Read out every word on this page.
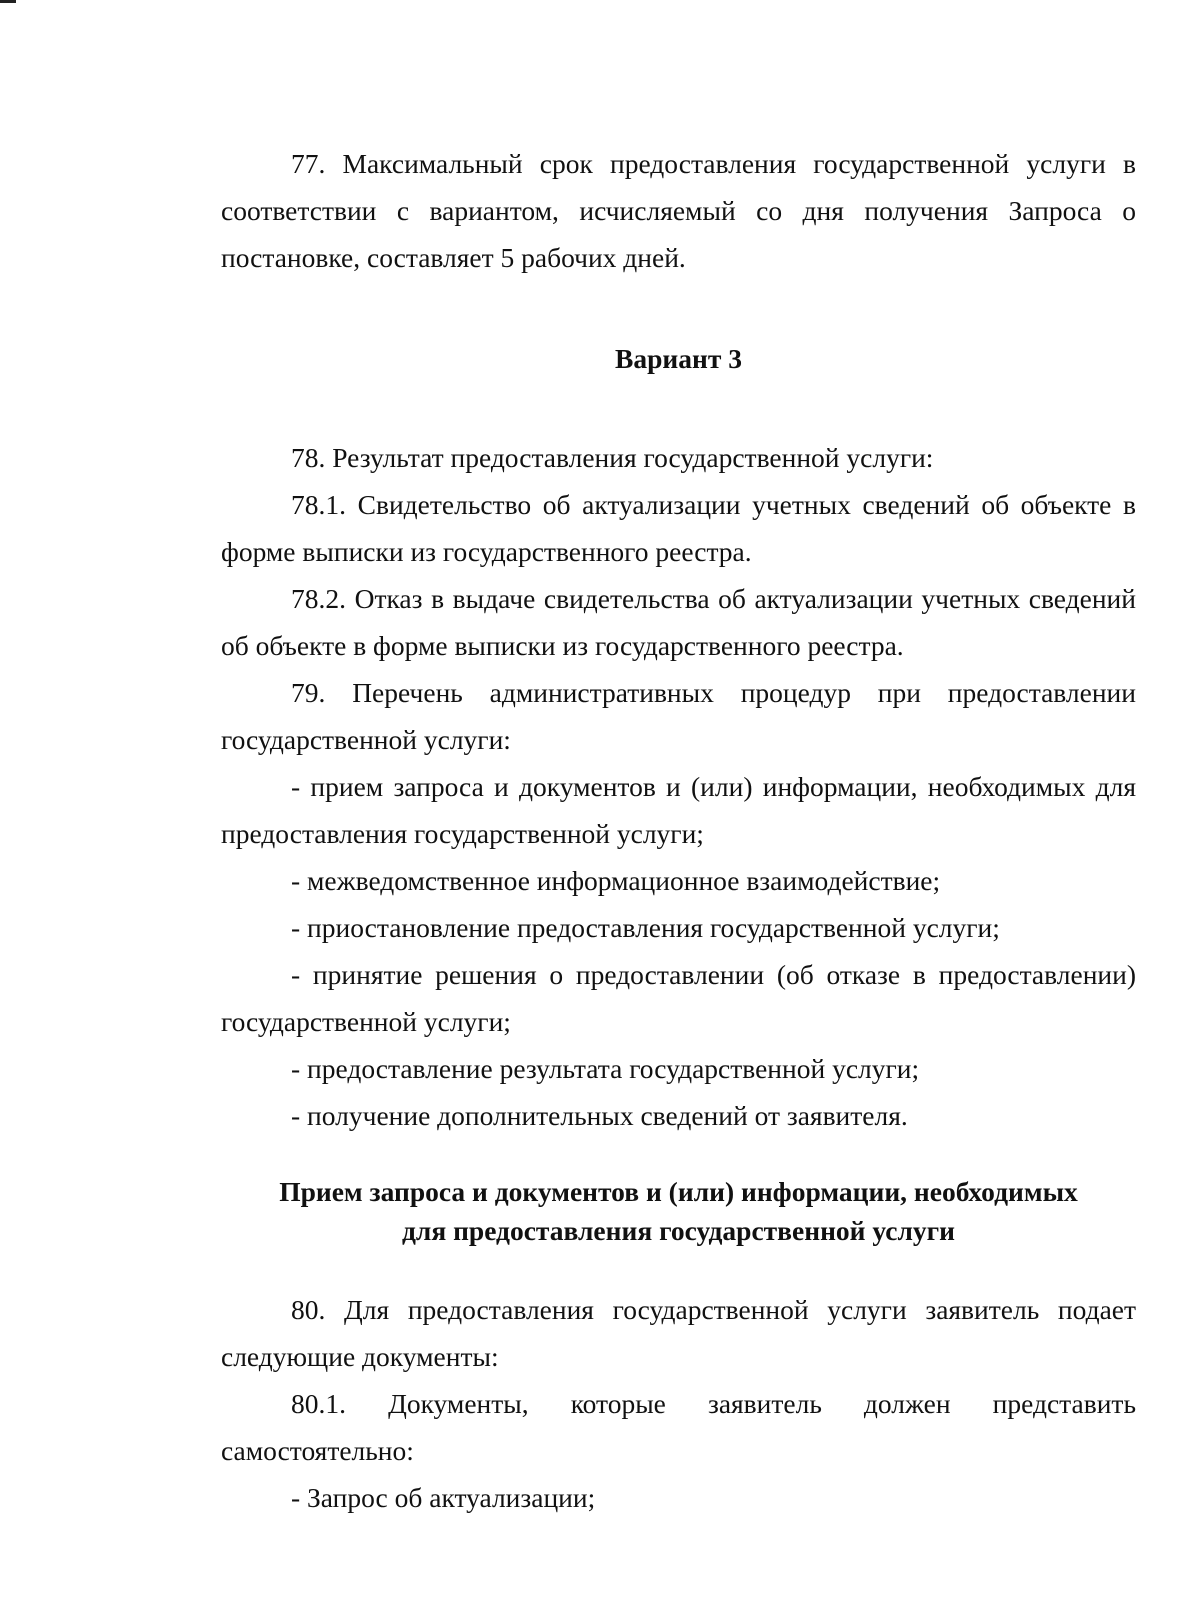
77. Максимальный срок предоставления государственной услуги в соответствии с вариантом, исчисляемый со дня получения Запроса о постановке, составляет 5 рабочих дней.

Вариант 3

78. Результат предоставления государственной услуги:

78.1. Свидетельство об актуализации учетных сведений об объекте в форме выписки из государственного реестра.

78.2. Отказ в выдаче свидетельства об актуализации учетных сведений об объекте в форме выписки из государственного реестра.

79. Перечень административных процедур при предоставлении государственной услуги:

- прием запроса и документов и (или) информации, необходимых для предоставления государственной услуги;

- межведомственное информационное взаимодействие;

- приостановление предоставления государственной услуги;

- принятие решения о предоставлении (об отказе в предоставлении) государственной услуги;

- предоставление результата государственной услуги;

- получение дополнительных сведений от заявителя.

Прием запроса и документов и (или) информации, необходимых
для предоставления государственной услуги

80. Для предоставления государственной услуги заявитель подает следующие документы:

80.1. Документы, которые заявитель должен представить самостоятельно:

- Запрос об актуализации;
